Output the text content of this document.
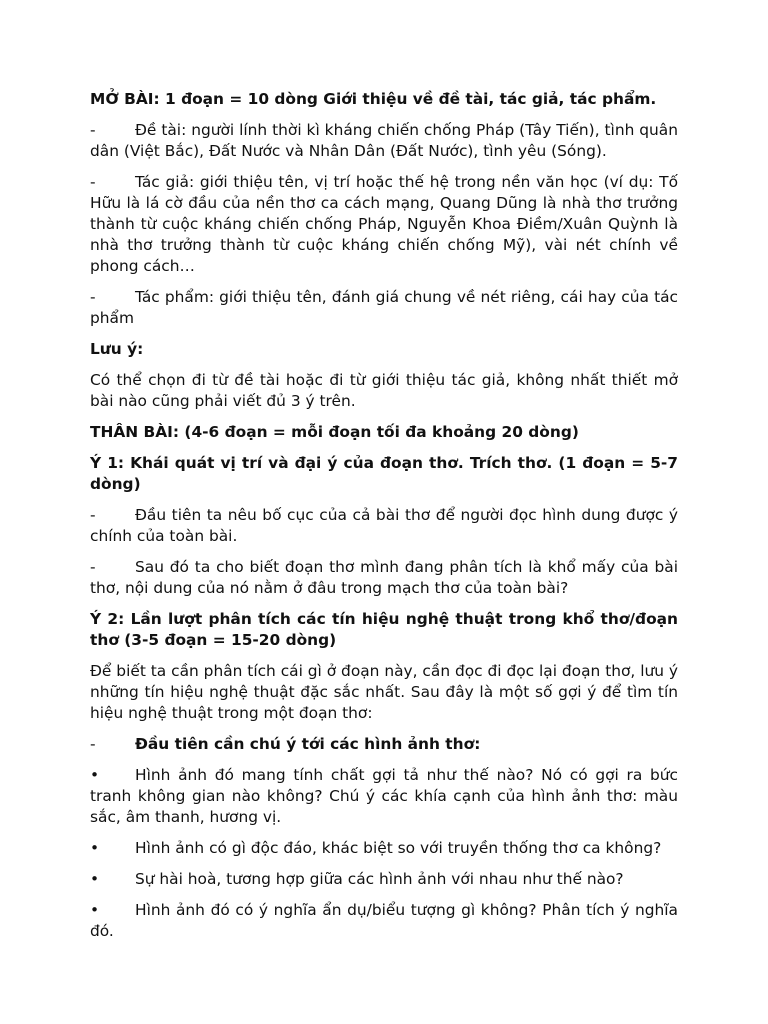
MỞ BÀI: 1 đoạn = 10 dòng Giới thiệu về đề tài, tác giả, tác phẩm.

-	Đề tài: người lính thời kì kháng chiến chống Pháp (Tây Tiến), tình quân dân (Việt Bắc), Đất Nước và Nhân Dân (Đất Nước), tình yêu (Sóng).

-	Tác giả: giới thiệu tên, vị trí hoặc thế hệ trong nền văn học (ví dụ: Tố Hữu là lá cờ đầu của nền thơ ca cách mạng, Quang Dũng là nhà thơ trưởng thành từ cuộc kháng chiến chống Pháp, Nguyễn Khoa Điềm/Xuân Quỳnh là nhà thơ trưởng thành từ cuộc kháng chiến chống Mỹ), vài nét chính về phong cách…

-	Tác phẩm: giới thiệu tên, đánh giá chung về nét riêng, cái hay của tác phẩm

Lưu ý:

Có thể chọn đi từ đề tài hoặc đi từ giới thiệu tác giả, không nhất thiết mở bài nào cũng phải viết đủ 3 ý trên.

THÂN BÀI: (4-6 đoạn = mỗi đoạn tối đa khoảng 20 dòng)

Ý 1: Khái quát vị trí và đại ý của đoạn thơ. Trích thơ. (1 đoạn = 5-7 dòng)

-	Đầu tiên ta nêu bố cục của cả bài thơ để người đọc hình dung được ý chính của toàn bài.

-	Sau đó ta cho biết đoạn thơ mình đang phân tích là khổ mấy của bài thơ, nội dung của nó nằm ở đâu trong mạch thơ của toàn bài?

Ý 2: Lần lượt phân tích các tín hiệu nghệ thuật trong khổ thơ/đoạn thơ (3-5 đoạn = 15-20 dòng)

Để biết ta cần phân tích cái gì ở đoạn này, cần đọc đi đọc lại đoạn thơ, lưu ý những tín hiệu nghệ thuật đặc sắc nhất. Sau đây là một số gợi ý để tìm tín hiệu nghệ thuật trong một đoạn thơ:

-	Đầu tiên cần chú ý tới các hình ảnh thơ:

• Hình ảnh đó mang tính chất gợi tả như thế nào? Nó có gợi ra bức tranh không gian nào không? Chú ý các khía cạnh của hình ảnh thơ: màu sắc, âm thanh, hương vị.

• Hình ảnh có gì độc đáo, khác biệt so với truyền thống thơ ca không?

• Sự hài hoà, tương hợp giữa các hình ảnh với nhau như thế nào?

• Hình ảnh đó có ý nghĩa ẩn dụ/biểu tượng gì không? Phân tích ý nghĩa đó.
